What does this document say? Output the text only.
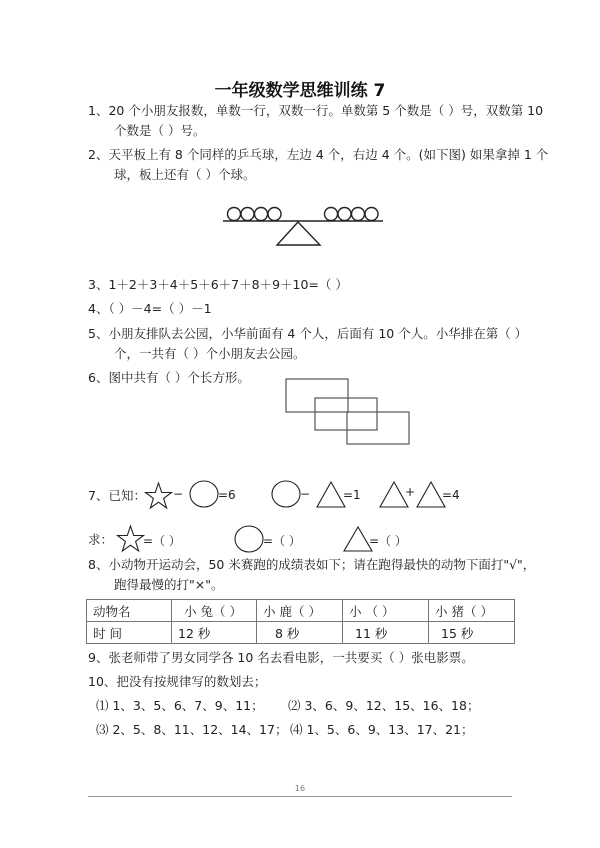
一年级数学思维训练 7
1、20 个小朋友报数，单数一行，双数一行。单数第 5 个数是（ ）号，双数第 10
个数是（ ）号。
2、天平板上有 8 个同样的乒乓球，左边 4 个，右边 4 个。(如下图) 如果拿掉 1 个
球，板上还有（ ）个球。
3、1＋2＋3＋4＋5＋6＋7＋8＋9＋10=（ ）
4、（ ）－4=（ ）－1
5、小朋友排队去公园，小华前面有 4 个人，后面有 10 个人。小华排在第（ ）
个，一共有（ ）个小朋友去公园。
6、图中共有（ ）个长方形。
7、已知： −	=6	−	=1	+ =4
求： =（ ）	=（ ）	=（ ）
8、小动物开运动会，50 米赛跑的成绩表如下；请在跑得最快的动物下面打"√"，
跑得最慢的打"×"。
动物名	小 兔（ ）	小 鹿（ ）	小 （ ）	小 猪（ ）
时 间	12 秒	8 秒	11 秒	15 秒
9、张老师带了男女同学各 10 名去看电影，一共要买（ ）张电影票。
10、把没有按规律写的数划去；
⑴ 1、3、5、6、7、9、11； ⑵ 3、6、9、12、15、16、18；
⑶ 2、5、8、11、12、14、17； ⑷ 1、5、6、9、13、17、21；
16
